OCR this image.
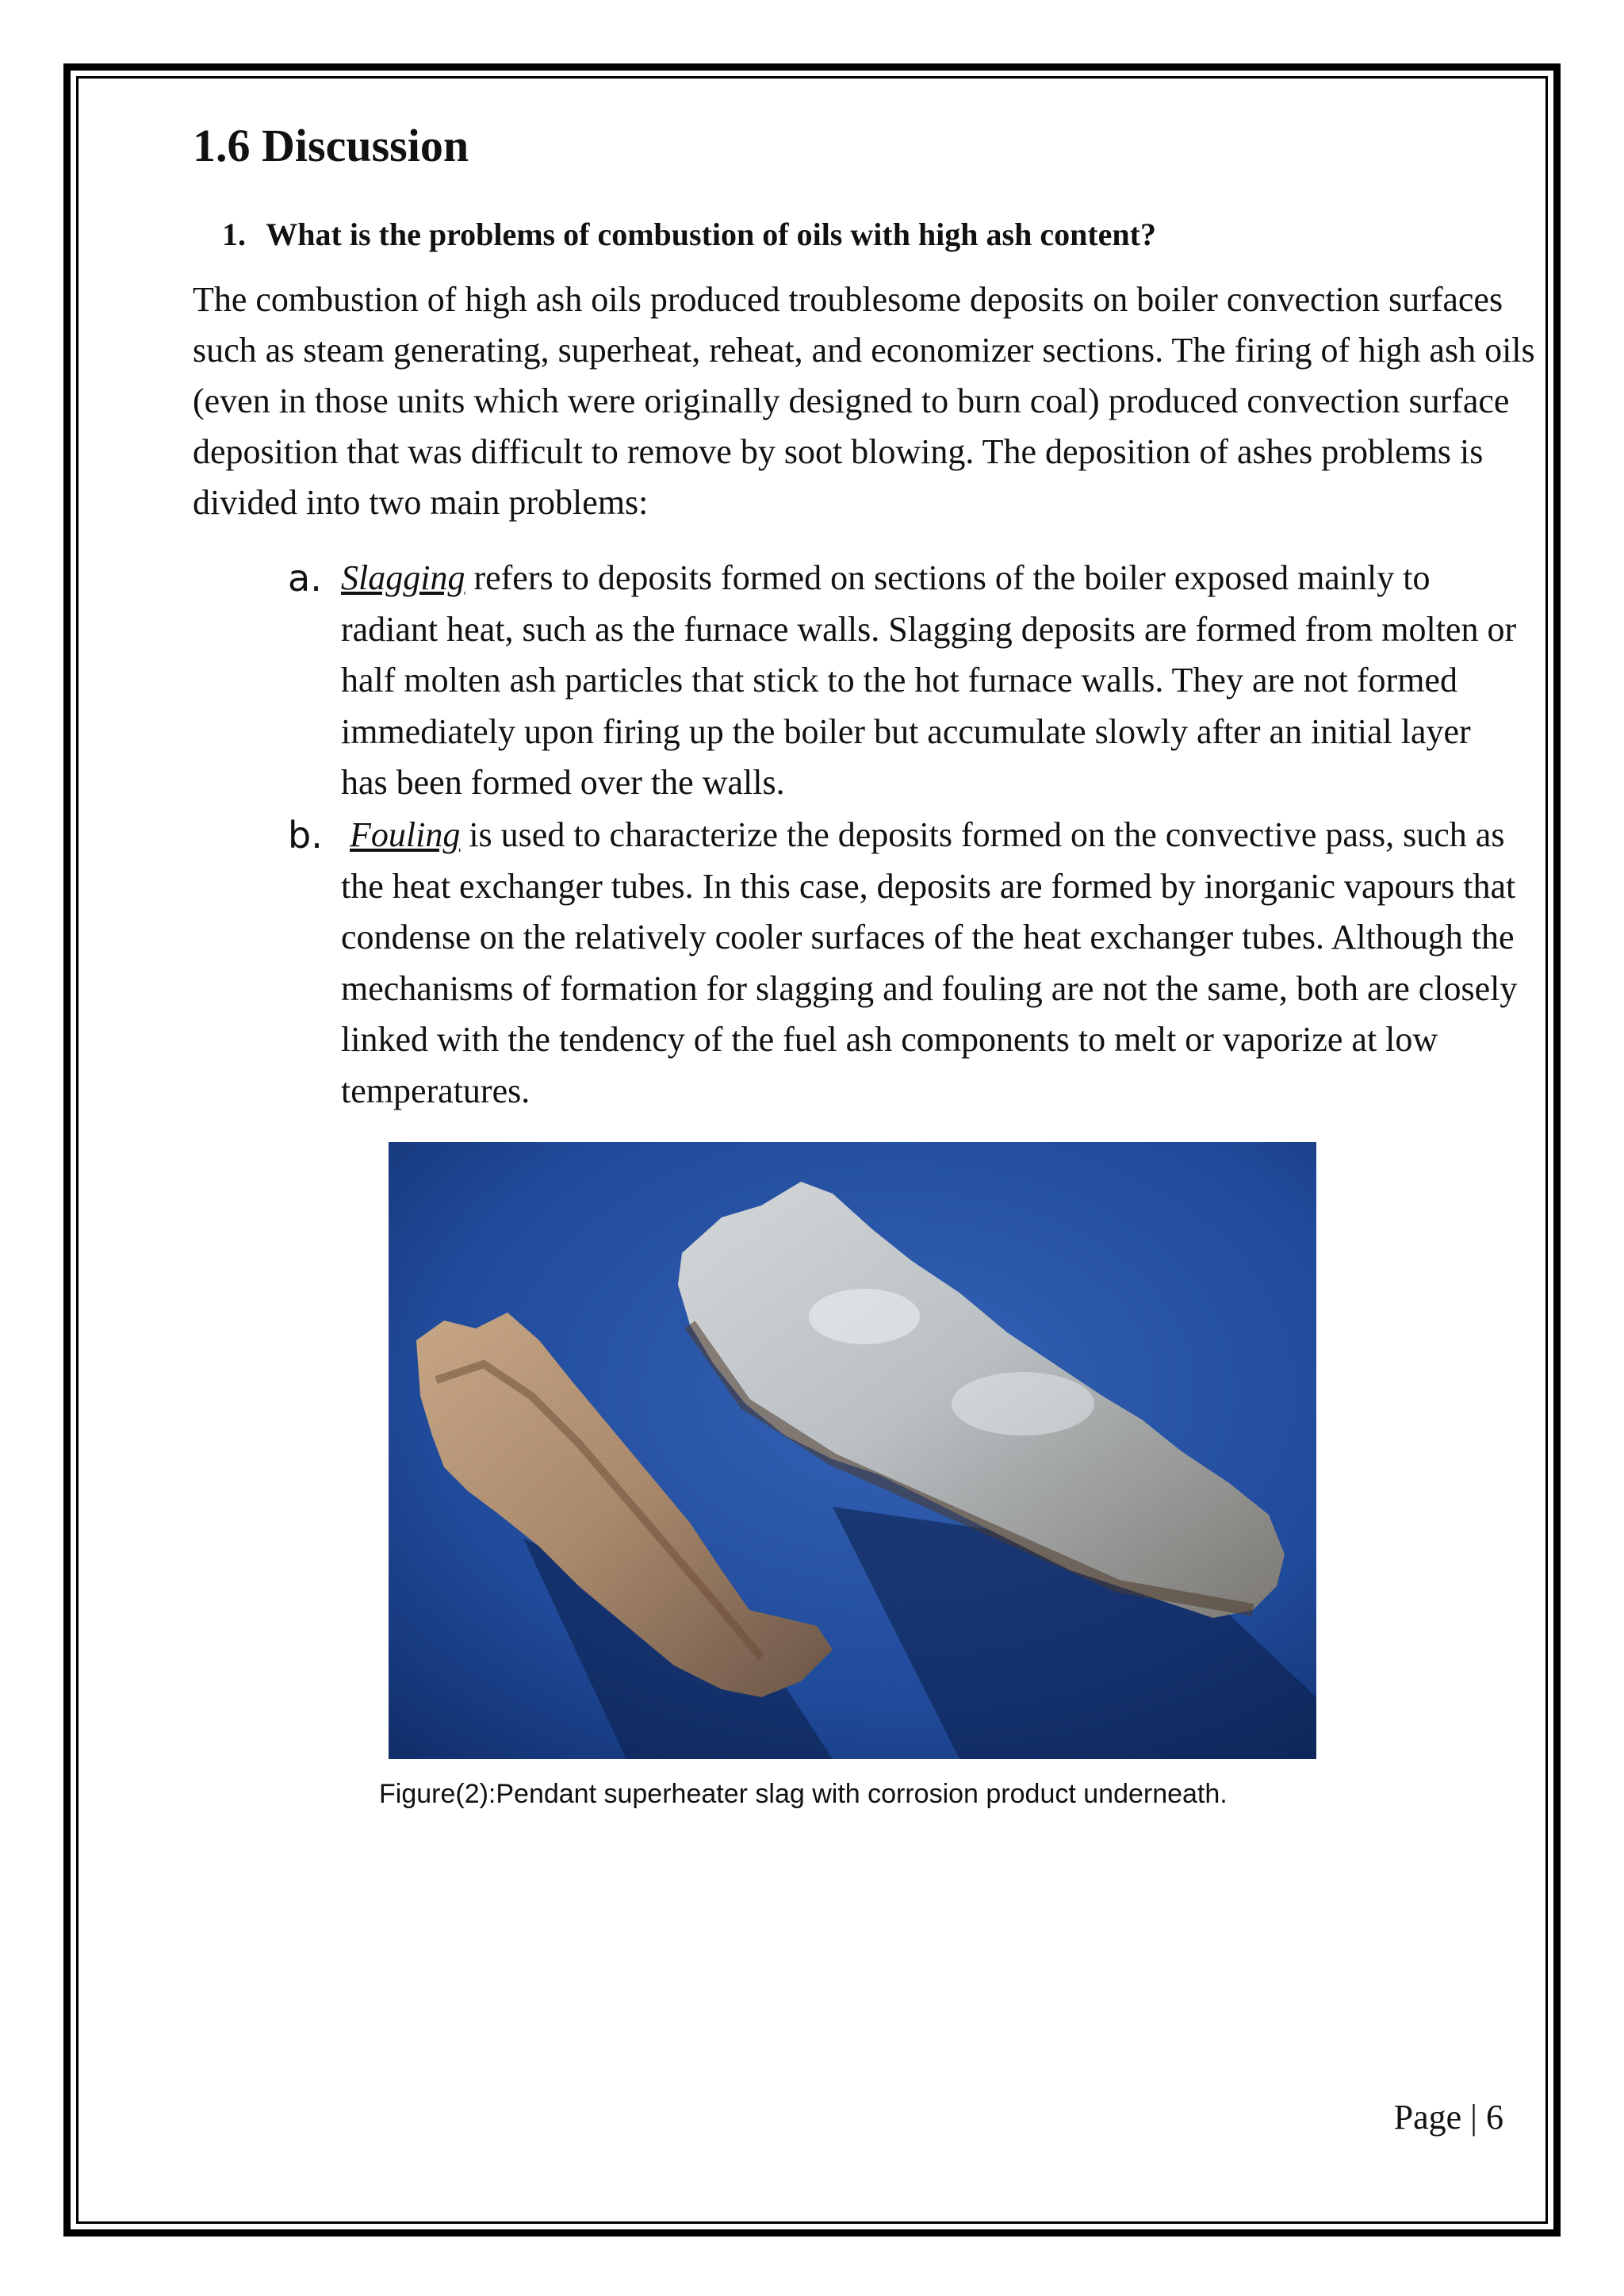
1.6 Discussion

1. What is the problems of combustion of oils with high ash content?

The combustion of high ash oils produced troublesome deposits on boiler convection surfaces such as steam generating, superheat, reheat, and economizer sections. The firing of high ash oils (even in those units which were originally designed to burn coal) produced convection surface deposition that was difficult to remove by soot blowing. The deposition of ashes problems is divided into two main problems:

a. Slagging refers to deposits formed on sections of the boiler exposed mainly to radiant heat, such as the furnace walls. Slagging deposits are formed from molten or half molten ash particles that stick to the hot furnace walls. They are not formed immediately upon firing up the boiler but accumulate slowly after an initial layer has been formed over the walls.
b. Fouling is used to characterize the deposits formed on the convective pass, such as the heat exchanger tubes. In this case, deposits are formed by inorganic vapours that condense on the relatively cooler surfaces of the heat exchanger tubes. Although the mechanisms of formation for slagging and fouling are not the same, both are closely linked with the tendency of the fuel ash components to melt or vaporize at low temperatures.

Figure(2):Pendant superheater slag with corrosion product underneath.

Page | 6
